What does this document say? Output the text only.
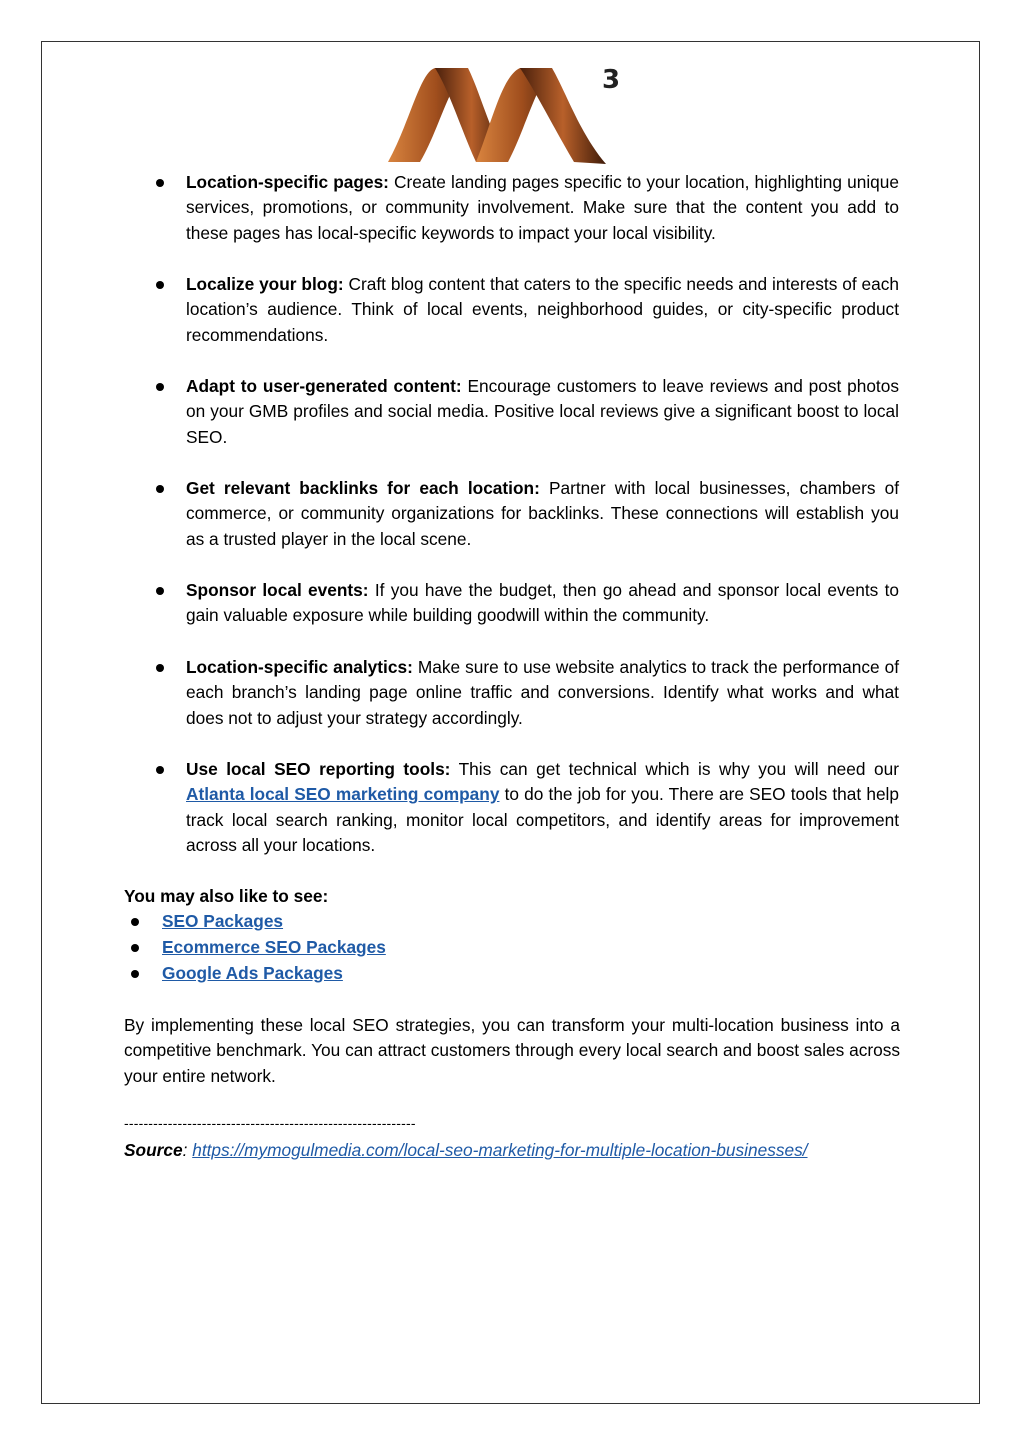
3
Location-specific pages: Create landing pages specific to your location, highlighting unique services, promotions, or community involvement. Make sure that the content you add to these pages has local-specific keywords to impact your local visibility.
Localize your blog: Craft blog content that caters to the specific needs and interests of each location’s audience. Think of local events, neighborhood guides, or city-specific product recommendations.
Adapt to user-generated content: Encourage customers to leave reviews and post photos on your GMB profiles and social media. Positive local reviews give a significant boost to local SEO.
Get relevant backlinks for each location: Partner with local businesses, chambers of commerce, or community organizations for backlinks. These connections will establish you as a trusted player in the local scene.
Sponsor local events: If you have the budget, then go ahead and sponsor local events to gain valuable exposure while building goodwill within the community.
Location-specific analytics: Make sure to use website analytics to track the performance of each branch’s landing page online traffic and conversions. Identify what works and what does not to adjust your strategy accordingly.
Use local SEO reporting tools: This can get technical which is why you will need our Atlanta local SEO marketing company to do the job for you. There are SEO tools that help track local search ranking, monitor local competitors, and identify areas for improvement across all your locations.
You may also like to see:
SEO Packages
Ecommerce SEO Packages
Google Ads Packages

By implementing these local SEO strategies, you can transform your multi-location business into a competitive benchmark. You can attract customers through every local search and boost sales across your entire network.

------------------------------------------------------------
Source: https://mymogulmedia.com/local-seo-marketing-for-multiple-location-businesses/
